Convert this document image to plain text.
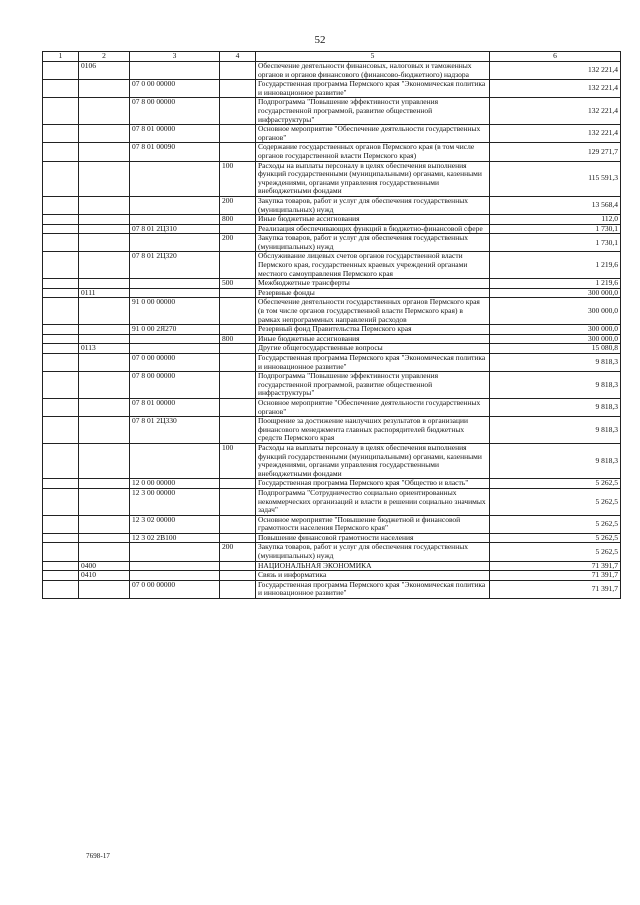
52
1	2	3	4	5	6
	0106			Обеспечение деятельности финансовых, налоговых и таможенных органов и органов финансового (финансово-бюджетного) надзора	132 221,4
		07 0 00 00000		Государственная программа Пермского края "Экономическая политика и инновационное развитие"	132 221,4
		07 8 00 00000		Подпрограмма "Повышение эффективности управления государственной программой, развитие общественной инфраструктуры"	132 221,4
		07 8 01 00000		Основное мероприятие "Обеспечение деятельности государственных органов"	132 221,4
		07 8 01 00090		Содержание государственных органов Пермского края (в том числе органов государственной власти Пермского края)	129 271,7
			100	Расходы на выплаты персоналу в целях обеспечения выполнения функций государственными (муниципальными) органами, казенными учреждениями, органами управления государственными внебюджетными фондами	115 591,3
			200	Закупка товаров, работ и услуг для обеспечения государственных (муниципальных) нужд	13 568,4
			800	Иные бюджетные ассигнования	112,0
		07 8 01 2Ц310		Реализация обеспечивающих функций в бюджетно-финансовой сфере	1 730,1
			200	Закупка товаров, работ и услуг для обеспечения государственных (муниципальных) нужд	1 730,1
		07 8 01 2Ц320		Обслуживание лицевых счетов органов государственной власти Пермского края, государственных краевых учреждений органами местного самоуправления Пермского края	1 219,6
			500	Межбюджетные трансферты	1 219,6
	0111			Резервные фонды	300 000,0
		91 0 00 00000		Обеспечение деятельности государственных органов Пермского края (в том числе органов государственной власти Пермского края) в рамках непрограммных направлений расходов	300 000,0
		91 0 00 2Я270		Резервный фонд Правительства Пермского края	300 000,0
			800	Иные бюджетные ассигнования	300 000,0
	0113			Другие общегосударственные вопросы	15 080,8
		07 0 00 00000		Государственная программа Пермского края "Экономическая политика и инновационное развитие"	9 818,3
		07 8 00 00000		Подпрограмма "Повышение эффективности управления государственной программой, развитие общественной инфраструктуры"	9 818,3
		07 8 01 00000		Основное мероприятие "Обеспечение деятельности государственных органов"	9 818,3
		07 8 01 2Ц330		Поощрение за достижение наилучших результатов в организации финансового менеджмента главных распорядителей бюджетных средств Пермского края	9 818,3
			100	Расходы на выплаты персоналу в целях обеспечения выполнения функций государственными (муниципальными) органами, казенными учреждениями, органами управления государственными внебюджетными фондами	9 818,3
		12 0 00 00000		Государственная программа Пермского края "Общество и власть"	5 262,5
		12 3 00 00000		Подпрограмма "Сотрудничество социально ориентированных некоммерческих организаций и власти в решении социально значимых задач"	5 262,5
		12 3 02 00000		Основное мероприятие "Повышение бюджетной и финансовой грамотности населения Пермского края"	5 262,5
		12 3 02 2В100		Повышение финансовой грамотности населения	5 262,5
			200	Закупка товаров, работ и услуг для обеспечения государственных (муниципальных) нужд	5 262,5
	0400			НАЦИОНАЛЬНАЯ ЭКОНОМИКА	71 391,7
	0410			Связь и информатика	71 391,7
		07 0 00 00000		Государственная программа Пермского края "Экономическая политика и инновационное развитие"	71 391,7
7698-17
